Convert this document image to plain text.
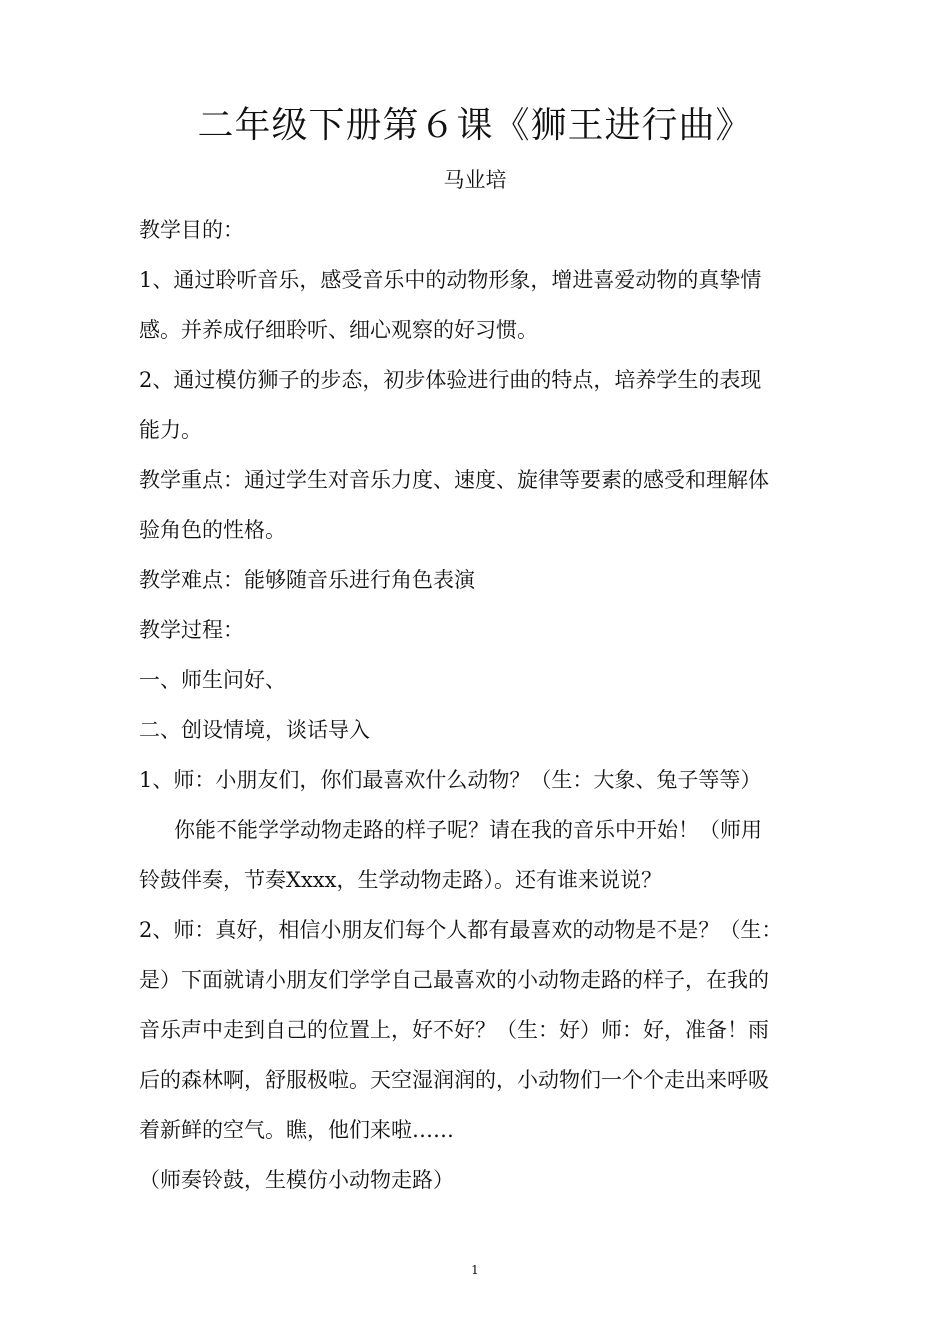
二年级下册第６课《狮王进行曲》
马业培
教学目的：
1、通过聆听音乐，感受音乐中的动物形象，增进喜爱动物的真挚情
感。并养成仔细聆听、细心观察的好习惯。
2、通过模仿狮子的步态，初步体验进行曲的特点，培养学生的表现
能力。
教学重点：通过学生对音乐力度、速度、旋律等要素的感受和理解体
验角色的性格。
教学难点：能够随音乐进行角色表演
教学过程：
一、师生问好、
二、创设情境，谈话导入
1、师：小朋友们，你们最喜欢什么动物？（生：大象、兔子等等）
你能不能学学动物走路的样子呢？请在我的音乐中开始！（师用
铃鼓伴奏，节奏Xxxx，生学动物走路）。还有谁来说说？
2、师：真好，相信小朋友们每个人都有最喜欢的动物是不是？（生：
是）下面就请小朋友们学学自己最喜欢的小动物走路的样子，在我的
音乐声中走到自己的位置上，好不好？（生：好）师：好，准备！雨
后的森林啊，舒服极啦。天空湿润润的，小动物们一个个走出来呼吸
着新鲜的空气。瞧，他们来啦……
（师奏铃鼓，生模仿小动物走路）
1
